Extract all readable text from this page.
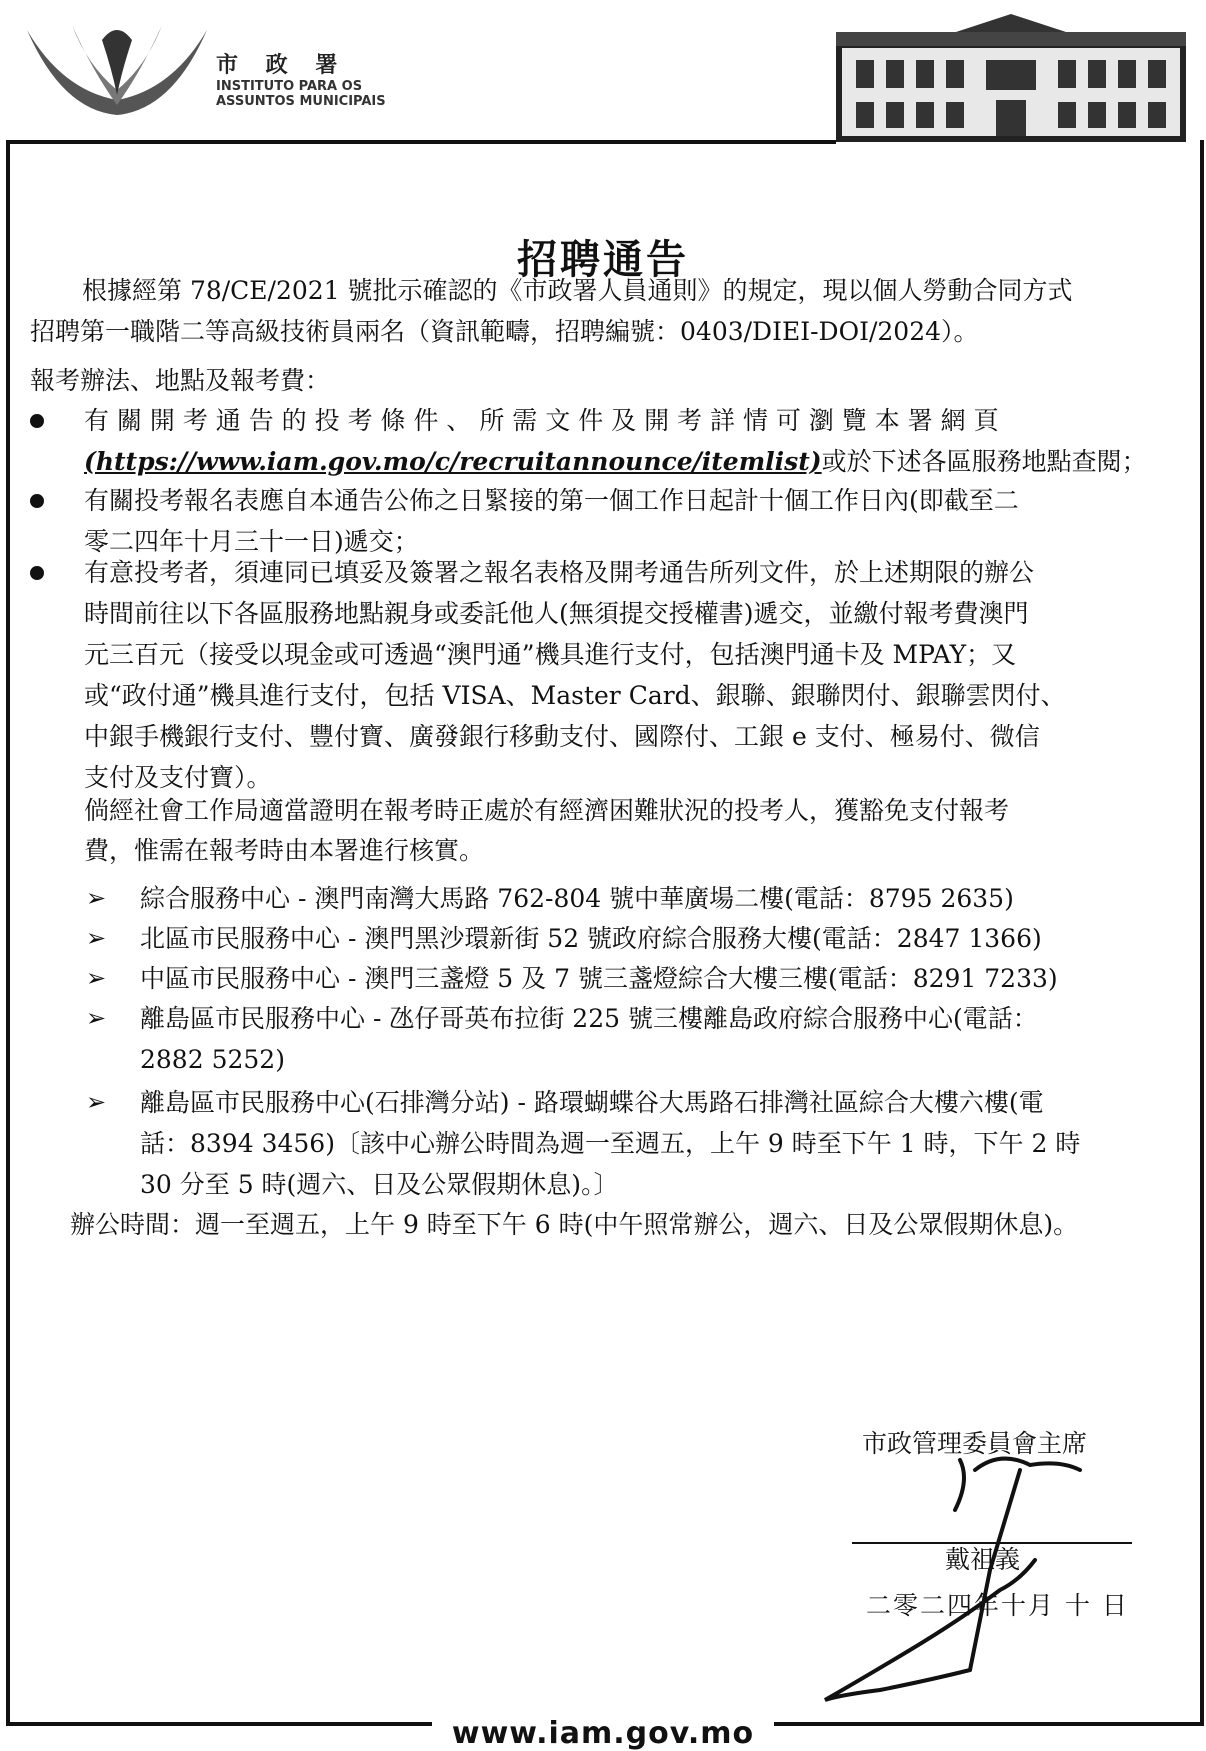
市 政 署
INSTITUTO PARA OS
ASSUNTOS MUNICIPAIS
招聘通告
根據經第 78/CE/2021 號批示確認的《市政署人員通則》的規定，現以個人勞動合同方式
招聘第一職階二等高級技術員兩名（資訊範疇，招聘編號：0403/DIEI-DOI/2024）。
報考辦法、地點及報考費：
有 關 開 考 通 告 的 投 考 條 件 、 所 需 文 件 及 開 考 詳 情 可 瀏 覽 本 署 網 頁
(https://www.iam.gov.mo/c/recruitannounce/itemlist)或於下述各區服務地點查閱；
有關投考報名表應自本通告公佈之日緊接的第一個工作日起計十個工作日內(即截至二
零二四年十月三十一日)遞交；
有意投考者，須連同已填妥及簽署之報名表格及開考通告所列文件，於上述期限的辦公
時間前往以下各區服務地點親身或委託他人(無須提交授權書)遞交，並繳付報考費澳門
元三百元（接受以現金或可透過“澳門通”機具進行支付，包括澳門通卡及 MPAY；又
或“政付通”機具進行支付，包括 VISA、Master Card、銀聯、銀聯閃付、銀聯雲閃付、
中銀手機銀行支付、豐付寶、廣發銀行移動支付、國際付、工銀 e 支付、極易付、微信
支付及支付寶）。
倘經社會工作局適當證明在報考時正處於有經濟困難狀況的投考人，獲豁免支付報考
費，惟需在報考時由本署進行核實。
➢ 綜合服務中心 - 澳門南灣大馬路 762-804 號中華廣場二樓(電話：8795 2635)
➢ 北區市民服務中心 - 澳門黑沙環新街 52 號政府綜合服務大樓(電話：2847 1366)
➢ 中區市民服務中心 - 澳門三盞燈 5 及 7 號三盞燈綜合大樓三樓(電話：8291 7233)
➢ 離島區市民服務中心 - 氹仔哥英布拉街 225 號三樓離島政府綜合服務中心(電話：
2882 5252)
➢ 離島區市民服務中心(石排灣分站) - 路環蝴蝶谷大馬路石排灣社區綜合大樓六樓(電
話：8394 3456)〔該中心辦公時間為週一至週五，上午 9 時至下午 1 時，下午 2 時
30 分至 5 時(週六、日及公眾假期休息)。〕
辦公時間：週一至週五，上午 9 時至下午 6 時(中午照常辦公，週六、日及公眾假期休息)。
市政管理委員會主席
戴祖義
二零二四年十月 十 日
www.iam.gov.mo
